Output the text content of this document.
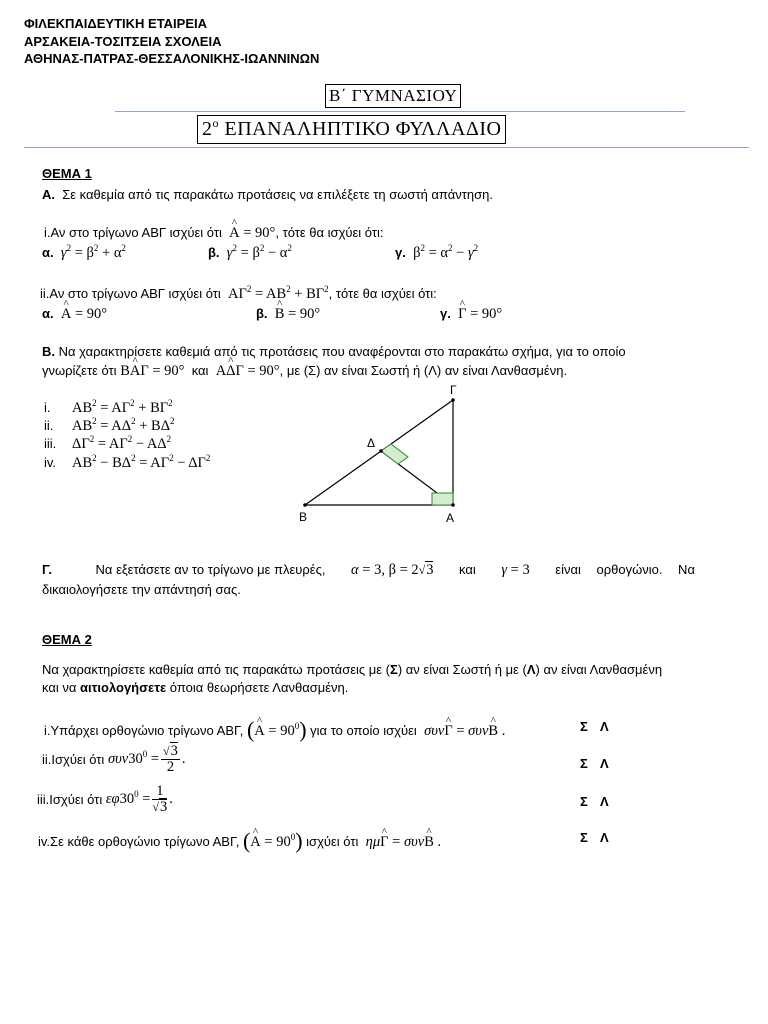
ΦΙΛΕΚΠΑΙΔΕΥΤΙΚΗ ΕΤΑΙΡΕΙΑ
ΑΡΣΑΚΕΙΑ-ΤΟΣΙΤΣΕΙΑ ΣΧΟΛΕΙΑ
ΑΘΗΝΑΣ-ΠΑΤΡΑΣ-ΘΕΣΣΑΛΟΝΙΚΗΣ-ΙΩΑΝΝΙΝΩΝ
Β΄ ΓΥΜΝΑΣΙΟΥ
$2^o$ ΕΠΑΝΑΛΗΠΤΙΚΟ ΦΥΛΛΑΔΙΟ
ΘΕΜΑ 1
Α. Σε καθεμία από τις παρακάτω προτάσεις να επιλέξετε τη σωστή απάντηση.
i.Αν στο τρίγωνο ΑΒΓ ισχύει ότι ^ Α = 90°, τότε θα ισχύει ότι:
α. $\gamma^2 = \beta^2 + \alpha^2$	β. $\gamma^2 = \beta^2 - \alpha^2$	γ.  $\beta^2 = \alpha^2 - \gamma^2$
ii.Αν στο τρίγωνο ΑΒΓ ισχύει ότι  $A\Gamma^2 = AB^2 + B\Gamma^2$, τότε θα ισχύει ότι:
α. ^ Α = 90°	β. ^ Β = 90°	γ. ^ Γ = 90°
Β. Να χαρακτηρίσετε καθεμιά από τις προτάσεις που αναφέρονται στο παρακάτω σχήμα, για το οποίο
γνωρίζετε ότι Β^ ΑΓ = 90° και Α^ ΔΓ = 90°, με (Σ) αν είναι Σωστή ή (Λ) αν είναι Λανθασμένη.
i. $AB^2 = A\Gamma^2 + B\Gamma^2$
ii. $AB^2 = A\Delta^2 + B\Delta^2$
iii. $\Delta\Gamma^2 = A\Gamma^2 - A\Delta^2$
iv. $AB^2 - B\Delta^2 = A\Gamma^2 - \Delta\Gamma^2$
Γ
Δ
Β	Α
Γ.	Να εξετάσετε αν το τρίγωνο με πλευρές, α = 3, β = 2√3 και γ = 3 είναι ορθογώνιο. Να
δικαιολογήσετε την απάντησή σας.
ΘΕΜΑ 2
Να χαρακτηρίσετε καθεμία από τις παρακάτω προτάσεις με (Σ) αν είναι Σωστή ή με (Λ) αν είναι Λανθασμένη
και να αιτιολογήσετε όποια θεωρήσετε Λανθασμένη.
i.Υπάρχει ορθογώνιο τρίγωνο ΑΒΓ, (^ $A = 90^0$) για το οποίο ισχύει συν^ Γ = συν^ Β .	Σ Λ
ii.Ισχύει ότι $\sigma\upsilon\nu 30^0 = \frac{√3}{2}$ .	Σ Λ
iii.Ισχύει ότι $\varepsilon\varphi 30^0 = \frac{1}{√3}$ .	Σ Λ
iv.Σε κάθε ορθογώνιο τρίγωνο ΑΒΓ, (^ $A = 90^0$) ισχύει ότι ημ^ Γ = συν^ Β .	Σ Λ
